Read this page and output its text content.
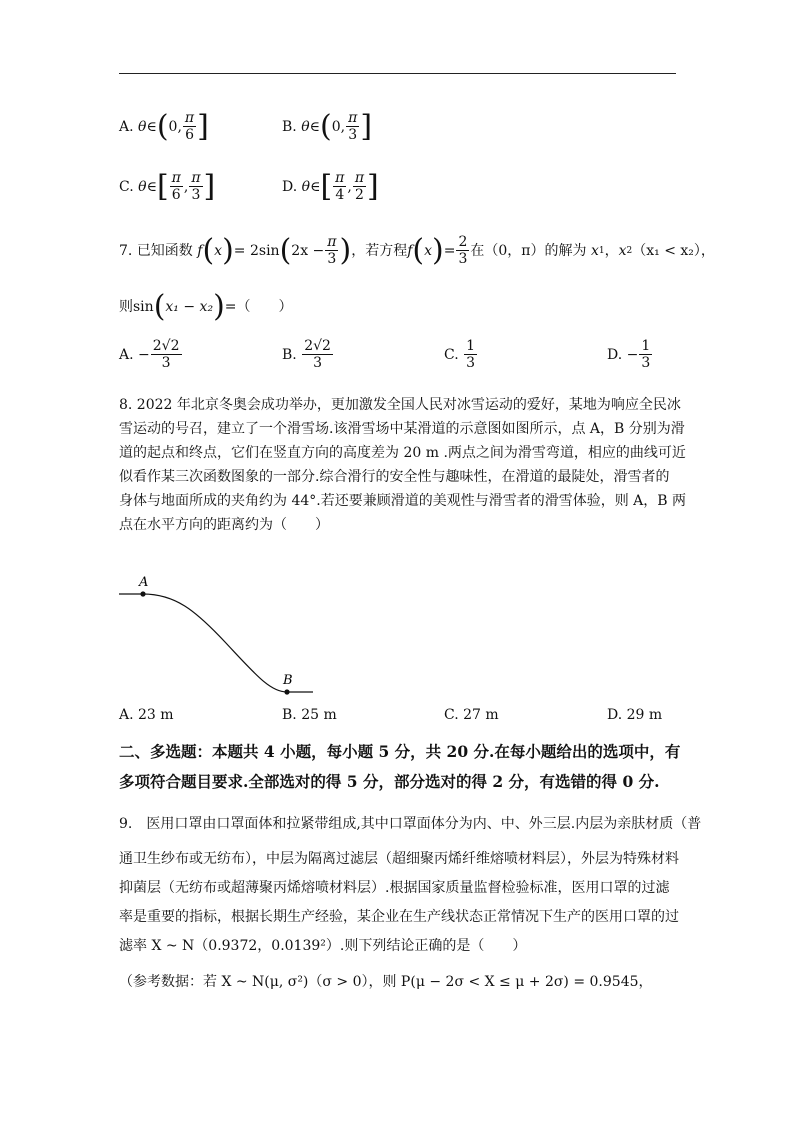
A.
θ ∈ ( 0 , $\frac{\pi}{6}$ ]	B.
θ ∈ ( 0 , $\frac{\pi}{3}$ ]
C.
θ ∈ [ $\frac{\pi}{6}$ , $\frac{\pi}{3}$ ]	D.
θ ∈ [ $\frac{\pi}{4}$ , $\frac{\pi}{2}$ ]
7.
已知函数
f ( x ) = 2sin ( $2x - \frac{\pi}{3}$ ) ，若方程 f ( x ) = $\frac{2}{3}$ 在（0，π）的解为
x 1 ， x 2 （x₁ < x₂），
则 sin ( x₁ − x₂ ) =（　　）
A.
− $\frac{2√2}{3}$	B.
$\frac{2√2}{3}$	C.
$\frac{1}{3}$	D.
− $\frac{1}{3}$
8. 2022 年北京冬奥会成功举办，更加激发全国人民对冰雪运动的爱好，某地为响应全民冰
雪运动的号召，建立了一个滑雪场.该滑雪场中某滑道的示意图如图所示，点 A，B 分别为滑
道的起点和终点，它们在竖直方向的高度差为 20 m .两点之间为滑雪弯道，相应的曲线可近
似看作某三次函数图象的一部分.综合滑行的安全性与趣味性，在滑道的最陡处，滑雪者的
身体与地面所成的夹角约为 44°.若还要兼顾滑道的美观性与滑雪者的滑雪体验，则 A，B 两
点在水平方向的距离约为（　　）
A
B
A. 23 m	B. 25 m	C. 27 m	D. 29 m
二、多选题：本题共 4 小题，每小题 5 分，共 20 分.在每小题给出的选项中，有
多项符合题目要求.全部选对的得 5 分，部分选对的得 2 分，有选错的得 0 分.
9.　医用口罩由口罩面体和拉紧带组成,其中口罩面体分为内、中、外三层.内层为亲肤材质（普
通卫生纱布或无纺布），中层为隔离过滤层（超细聚丙烯纤维熔喷材料层），外层为特殊材料
抑菌层（无纺布或超薄聚丙烯熔喷材料层）.根据国家质量监督检验标准，医用口罩的过滤
率是重要的指标，根据长期生产经验，某企业在生产线状态正常情况下生产的医用口罩的过
滤率 X ~ N（0.9372，0.0139²）.则下列结论正确的是（　　）
（参考数据：若 X ~ N(μ, σ²)（σ > 0），则 P(μ − 2σ < X ≤ μ + 2σ) = 0.9545，
